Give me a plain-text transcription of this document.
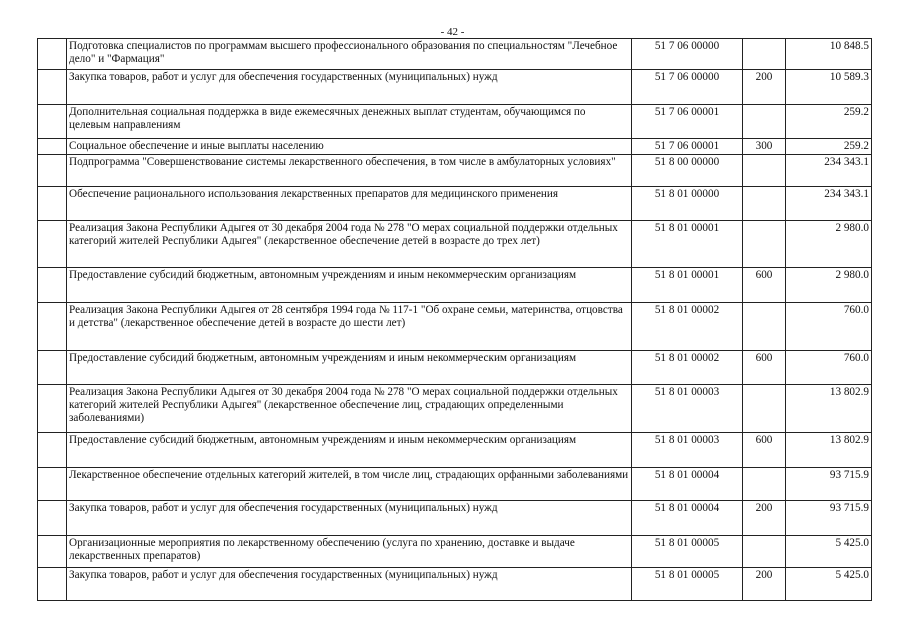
- 42 -
	Подготовка специалистов по программам высшего профессионального образования по специальностям "Лечебное дело" и "Фармация"	51 7 06 00000		10 848.5
	Закупка товаров, работ и услуг для обеспечения государственных (муниципальных) нужд	51 7 06 00000	200	10 589.3
	Дополнительная социальная поддержка в виде ежемесячных денежных выплат студентам, обучающимся по целевым направлениям	51 7 06 00001		259.2
	Социальное обеспечение и иные выплаты населению	51 7 06 00001	300	259.2
	Подпрограмма "Совершенствование системы лекарственного обеспечения, в том числе в амбулаторных условиях"	51 8 00 00000		234 343.1
	Обеспечение рационального использования лекарственных препаратов для медицинского применения	51 8 01 00000		234 343.1
	Реализация Закона Республики Адыгея от 30 декабря 2004 года № 278 "О мерах социальной поддержки отдельных категорий жителей Республики Адыгея" (лекарственное обеспечение детей в возрасте до трех лет)	51 8 01 00001		2 980.0
	Предоставление субсидий бюджетным, автономным учреждениям и иным некоммерческим организациям	51 8 01 00001	600	2 980.0
	Реализация Закона Республики Адыгея от 28 сентября 1994 года № 117-1 "Об охране семьи, материнства, отцовства и детства" (лекарственное обеспечение детей в возрасте до шести лет)	51 8 01 00002		760.0
	Предоставление субсидий бюджетным, автономным учреждениям и иным некоммерческим организациям	51 8 01 00002	600	760.0
	Реализация Закона Республики Адыгея от 30 декабря 2004 года № 278 "О мерах социальной поддержки отдельных категорий жителей Республики Адыгея" (лекарственное обеспечение лиц, страдающих определенными заболеваниями)	51 8 01 00003		13 802.9
	Предоставление субсидий бюджетным, автономным учреждениям и иным некоммерческим организациям	51 8 01 00003	600	13 802.9
	Лекарственное обеспечение отдельных категорий жителей, в том числе лиц, страдающих орфанными заболеваниями	51 8 01 00004		93 715.9
	Закупка товаров, работ и услуг для обеспечения государственных (муниципальных) нужд	51 8 01 00004	200	93 715.9
	Организационные мероприятия по лекарственному обеспечению (услуга по хранению, доставке и выдаче лекарственных препаратов)	51 8 01 00005		5 425.0
	Закупка товаров, работ и услуг для обеспечения государственных (муниципальных) нужд	51 8 01 00005	200	5 425.0
